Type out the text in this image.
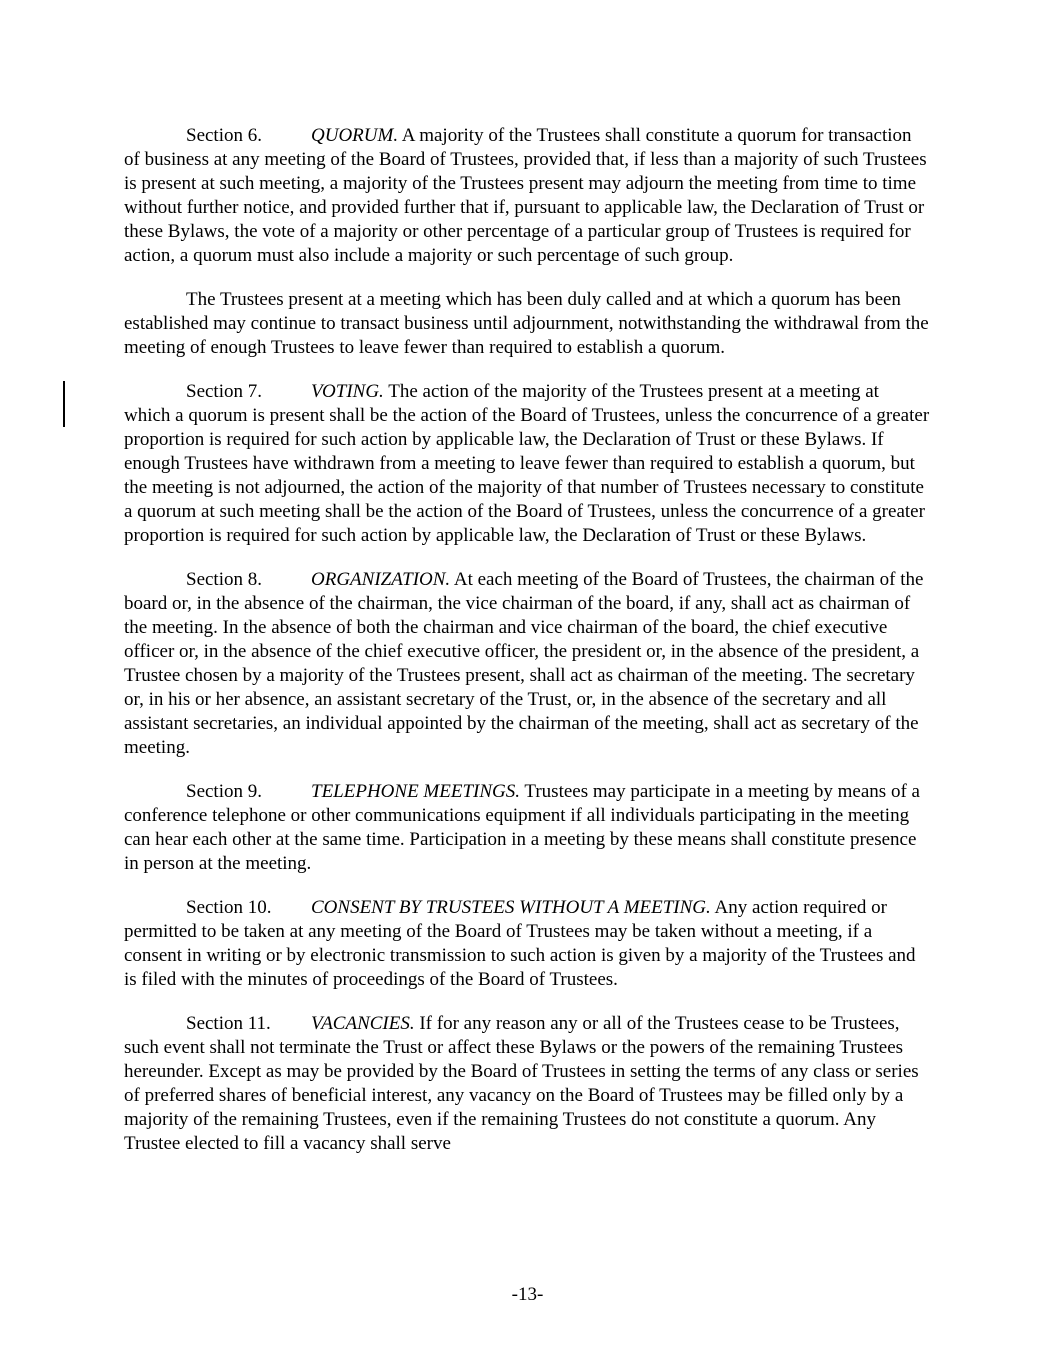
Section 6.	QUORUM. A majority of the Trustees shall constitute a quorum for transaction of business at any meeting of the Board of Trustees, provided that, if less than a majority of such Trustees is present at such meeting, a majority of the Trustees present may adjourn the meeting from time to time without further notice, and provided further that if, pursuant to applicable law, the Declaration of Trust or these Bylaws, the vote of a majority or other percentage of a particular group of Trustees is required for action, a quorum must also include a majority or such percentage of such group.

The Trustees present at a meeting which has been duly called and at which a quorum has been established may continue to transact business until adjournment, notwithstanding the withdrawal from the meeting of enough Trustees to leave fewer than required to establish a quorum.

Section 7.	VOTING. The action of the majority of the Trustees present at a meeting at which a quorum is present shall be the action of the Board of Trustees, unless the concurrence of a greater proportion is required for such action by applicable law, the Declaration of Trust or these Bylaws. If enough Trustees have withdrawn from a meeting to leave fewer than required to establish a quorum, but the meeting is not adjourned, the action of the majority of that number of Trustees necessary to constitute a quorum at such meeting shall be the action of the Board of Trustees, unless the concurrence of a greater proportion is required for such action by applicable law, the Declaration of Trust or these Bylaws.

Section 8.	ORGANIZATION. At each meeting of the Board of Trustees, the chairman of the board or, in the absence of the chairman, the vice chairman of the board, if any, shall act as chairman of the meeting. In the absence of both the chairman and vice chairman of the board, the chief executive officer or, in the absence of the chief executive officer, the president or, in the absence of the president, a Trustee chosen by a majority of the Trustees present, shall act as chairman of the meeting. The secretary or, in his or her absence, an assistant secretary of the Trust, or, in the absence of the secretary and all assistant secretaries, an individual appointed by the chairman of the meeting, shall act as secretary of the meeting.

Section 9.	TELEPHONE MEETINGS. Trustees may participate in a meeting by means of a conference telephone or other communications equipment if all individuals participating in the meeting can hear each other at the same time. Participation in a meeting by these means shall constitute presence in person at the meeting.

Section 10. CONSENT BY TRUSTEES WITHOUT A MEETING. Any action required or permitted to be taken at any meeting of the Board of Trustees may be taken without a meeting, if a consent in writing or by electronic transmission to such action is given by a majority of the Trustees and is filed with the minutes of proceedings of the Board of Trustees.

Section 11. VACANCIES. If for any reason any or all of the Trustees cease to be Trustees, such event shall not terminate the Trust or affect these Bylaws or the powers of the remaining Trustees hereunder. Except as may be provided by the Board of Trustees in setting the terms of any class or series of preferred shares of beneficial interest, any vacancy on the Board of Trustees may be filled only by a majority of the remaining Trustees, even if the remaining Trustees do not constitute a quorum. Any Trustee elected to fill a vacancy shall serve

-13-
